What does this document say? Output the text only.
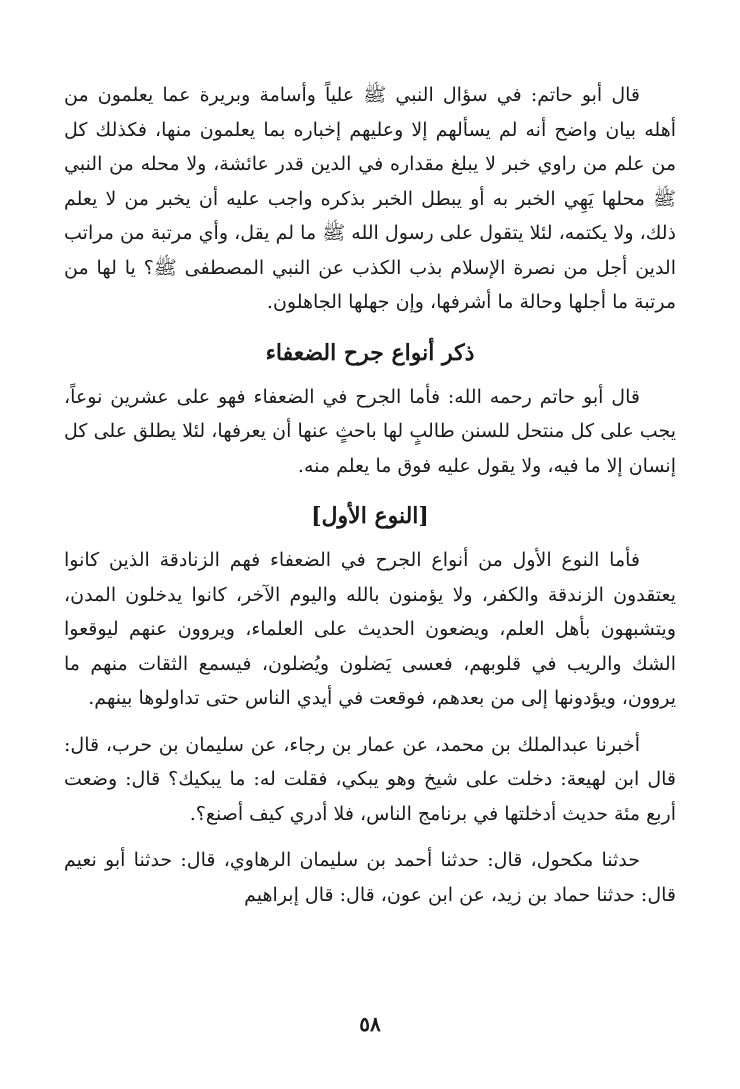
قال أبو حاتم: في سؤال النبي ﷺ علياً وأسامة وبريرة عما يعلمون من أهله بيان واضح أنه لم يسألهم إلا وعليهم إخباره بما يعلمون منها، فكذلك كل من علم من راوي خبر لا يبلغ مقداره في الدين قدر عائشة، ولا محله من النبي ﷺ محلها يَهِي الخبر به أو يبطل الخبر بذكره واجب عليه أن يخبر من لا يعلم ذلك، ولا يكتمه، لئلا يتقول على رسول الله ﷺ ما لم يقل، وأي مرتبة من مراتب الدين أجل من نصرة الإسلام بذب الكذب عن النبي المصطفى ﷺ؟ يا لها من مرتبة ما أجلها وحالة ما أشرفها، وإن جهلها الجاهلون.

ذكر أنواع جرح الضعفاء

قال أبو حاتم رحمه الله: فأما الجرح في الضعفاء فهو على عشرين نوعاً، يجب على كل منتحل للسنن طالبٍ لها باحثٍ عنها أن يعرفها، لئلا يطلق على كل إنسان إلا ما فيه، ولا يقول عليه فوق ما يعلم منه.

[النوع الأول]

فأما النوع الأول من أنواع الجرح في الضعفاء فهم الزنادقة الذين كانوا يعتقدون الزندقة والكفر، ولا يؤمنون بالله واليوم الآخر، كانوا يدخلون المدن، ويتشبهون بأهل العلم، ويضعون الحديث على العلماء، ويروون عنهم ليوقعوا الشك والريب في قلوبهم، فعسى يَضلون ويُضلون، فيسمع الثقات منهم ما يروون، ويؤدونها إلى من بعدهم، فوقعت في أيدي الناس حتى تداولوها بينهم.

أخبرنا عبدالملك بن محمد، عن عمار بن رجاء، عن سليمان بن حرب، قال: قال ابن لهيعة: دخلت على شيخ وهو يبكي، فقلت له: ما يبكيك؟ قال: وضعت أربع مئة حديث أدخلتها في برنامج الناس، فلا أدري كيف أصنع؟.

حدثنا مكحول، قال: حدثنا أحمد بن سليمان الرهاوي، قال: حدثنا أبو نعيم قال: حدثنا حماد بن زيد، عن ابن عون، قال: قال إبراهيم

٥٨
